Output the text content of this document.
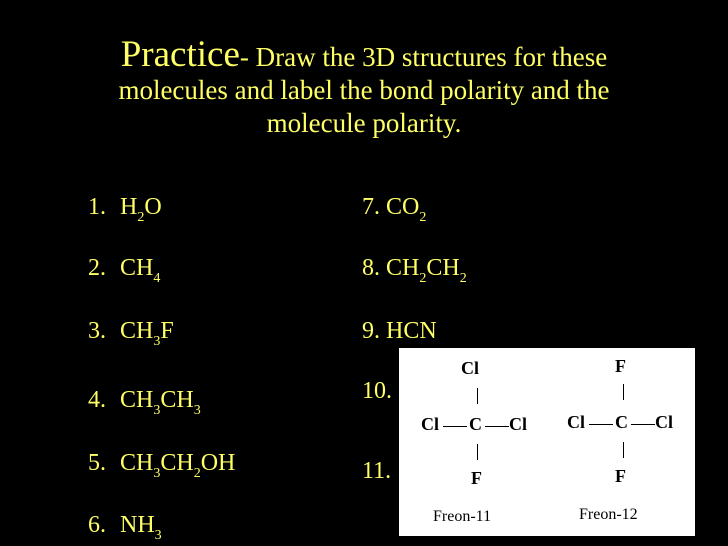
Practice- Draw the 3D structures for these
molecules and label the bond polarity and the
molecule polarity.
1. $H_2O$
2. $CH_4$
3. $CH_3F$
4. $CH_3CH_3$
5. $CH_3CH_2OH$
6. $NH_3$
7. $CO_2$
8. $CH_2CH_2$
9. HCN
10.
11.
Cl
Cl C Cl
F
Freon-11
F
Cl C Cl
F
Freon-12
